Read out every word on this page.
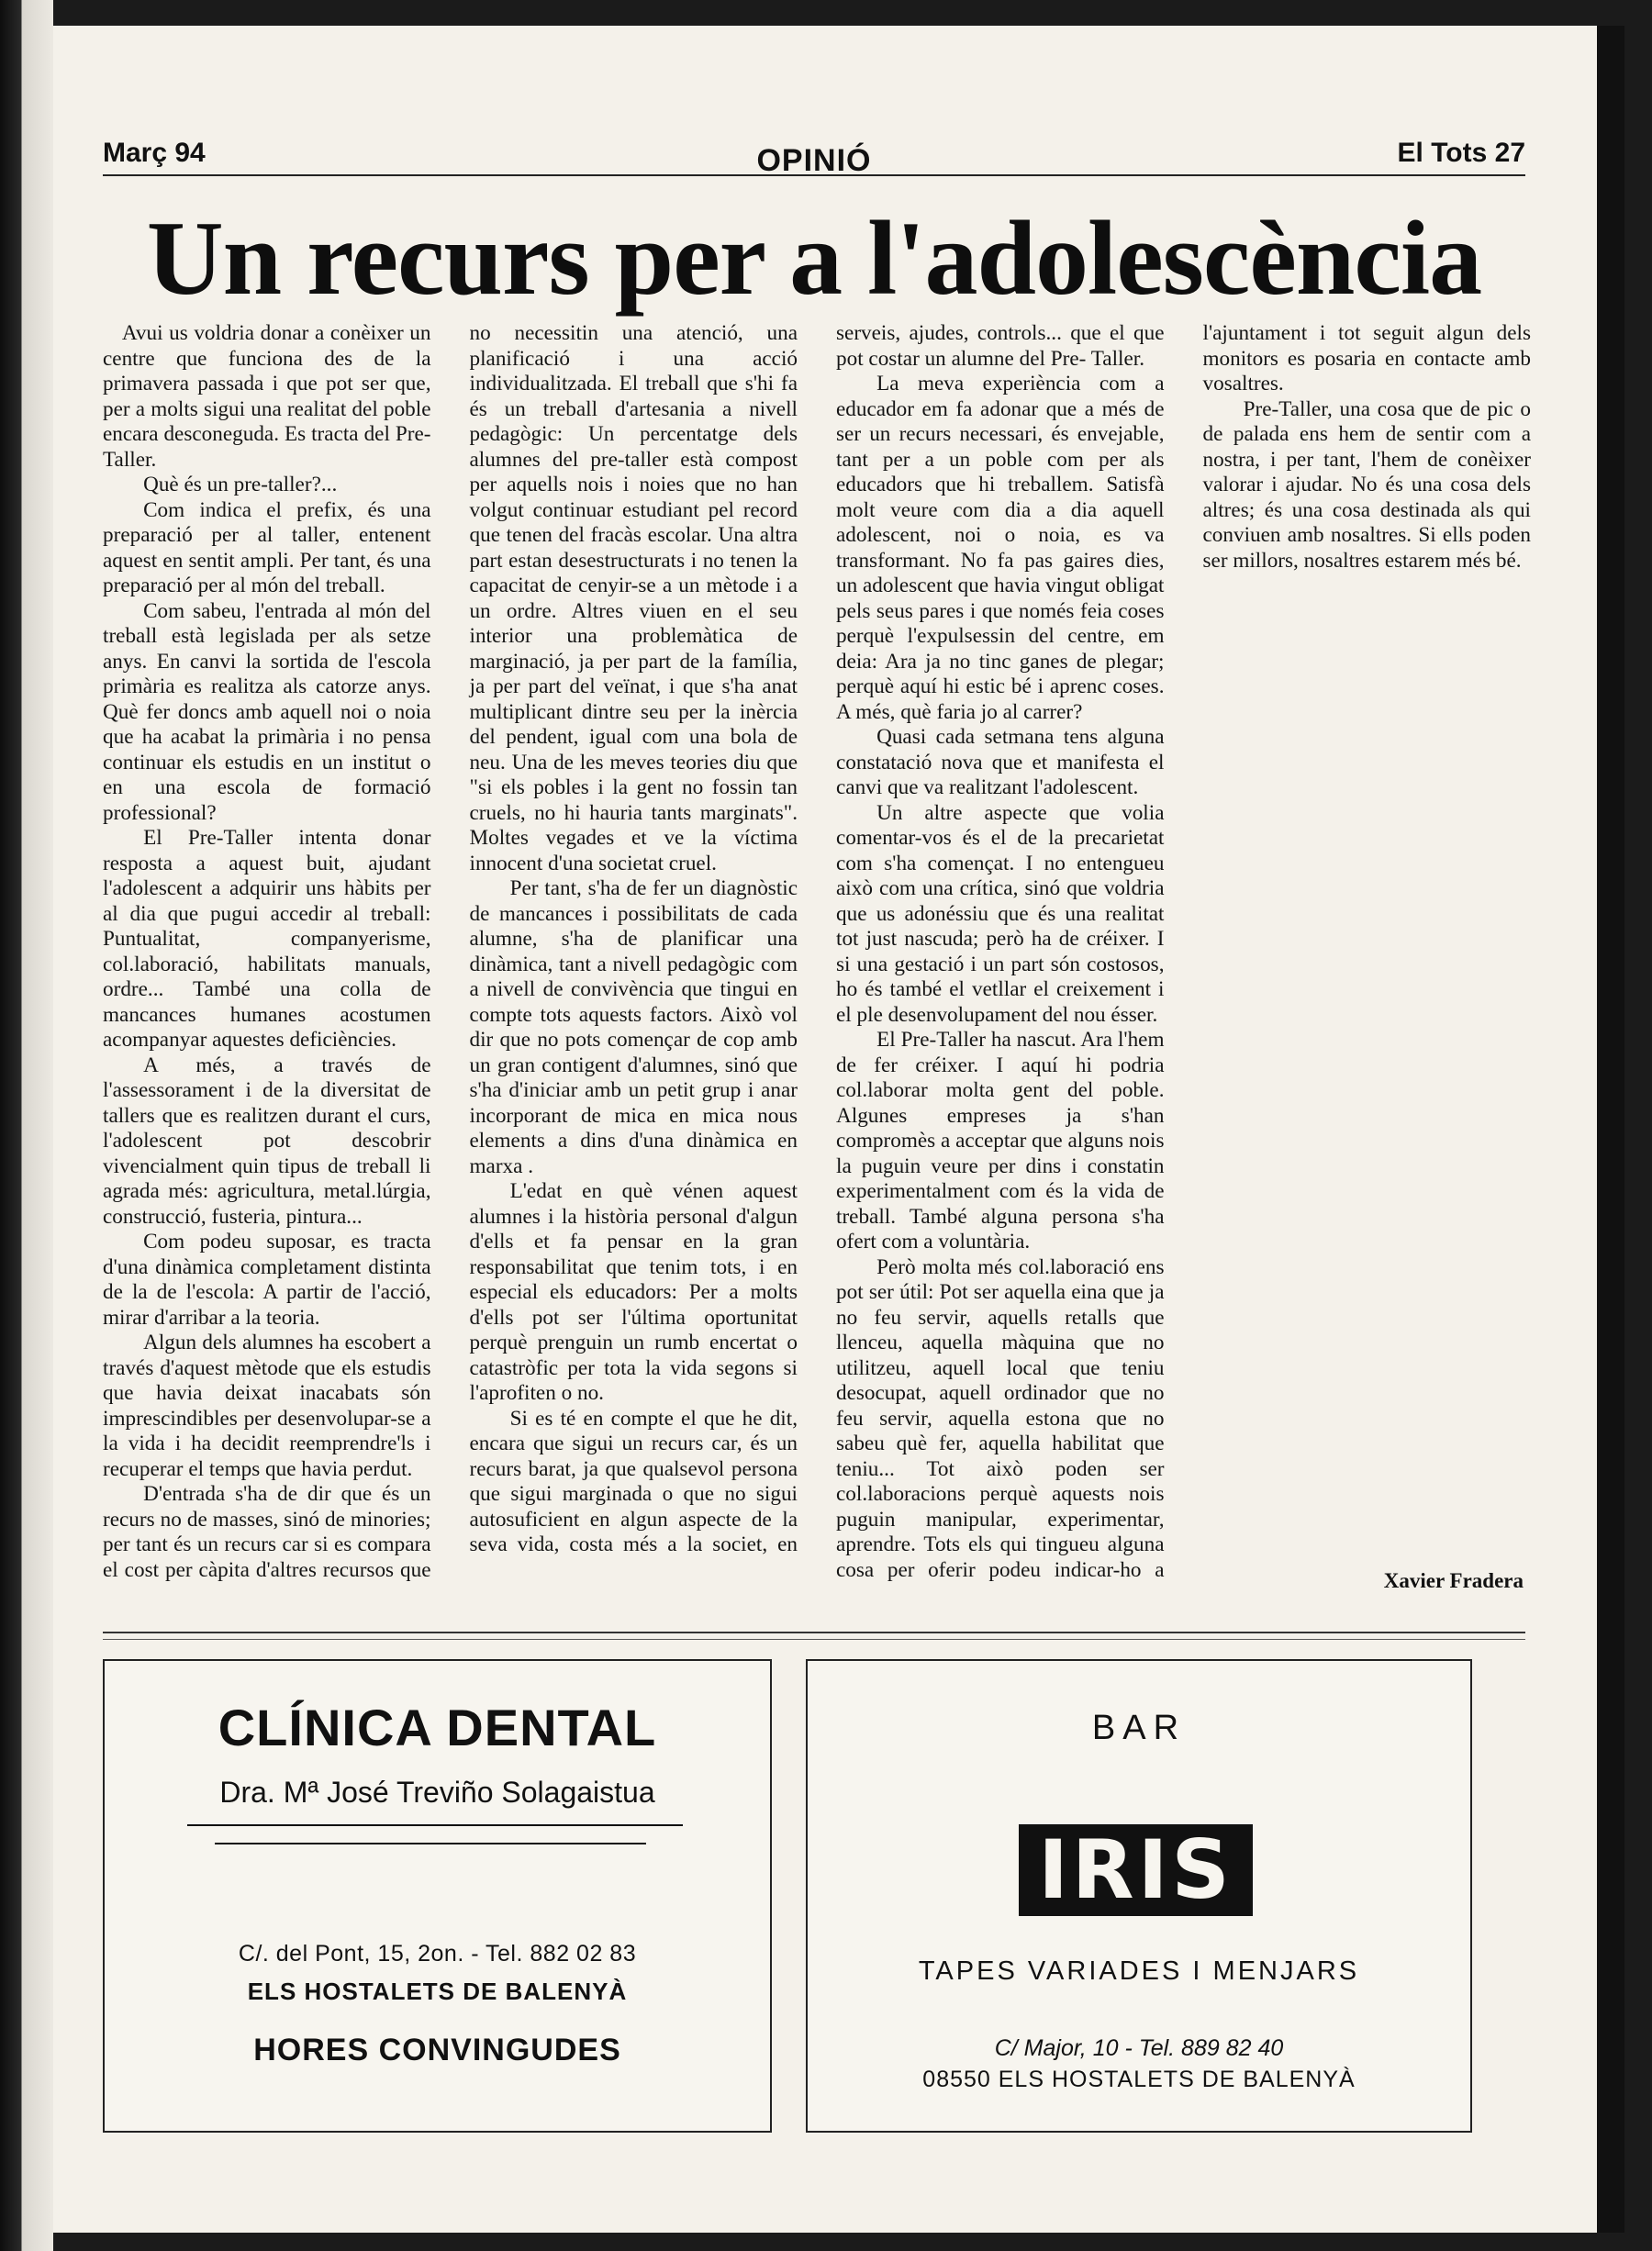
Març 94	OPINIÓ	El Tots 27
Un recurs per a l'adolescència

Avui us voldria donar a conèixer un centre que funciona des de la primavera passada i que pot ser que, per a molts sigui una realitat del poble encara desconeguda. Es tracta del Pre-Taller.

Què és un pre-taller?...

Com indica el prefix, és una preparació per al taller, entenent aquest en sentit ampli. Per tant, és una preparació per al món del treball.

Com sabeu, l'entrada al món del treball està legislada per als setze anys. En canvi la sortida de l'escola primària es realitza als catorze anys. Què fer doncs amb aquell noi o noia que ha acabat la primària i no pensa continuar els estudis en un institut o en una escola de formació professional?

El Pre-Taller intenta donar resposta a aquest buit, ajudant l'adolescent a adquirir uns hàbits per al dia que pugui accedir al treball: Puntualitat, companyerisme, col.laboració, habilitats manuals, ordre... També una colla de mancances humanes acostumen acompanyar aquestes deficiències.

A més, a través de l'assessorament i de la diversitat de tallers que es realitzen durant el curs, l'adolescent pot descobrir vivencialment quin tipus de treball li agrada més: agricultura, metal.lúrgia, construcció, fusteria, pintura...

Com podeu suposar, es tracta d'una dinàmica completament distinta de la de l'escola: A partir de l'acció, mirar d'arribar a la teoria.

Algun dels alumnes ha escobert a través d'aquest mètode que els estudis que havia deixat inacabats són imprescindibles per desenvolupar-se a la vida i ha decidit reemprendre'ls i recuperar el temps que havia perdut.

D'entrada s'ha de dir que és un recurs no de masses, sinó de minories; per tant és un recurs car si es compara el cost per càpita d'altres recursos que no necessitin una atenció, una planificació i una acció individualitzada. El treball que s'hi fa és un treball d'artesania a nivell pedagògic: Un percentatge dels alumnes del pre-taller està compost per aquells nois i noies que no han volgut continuar estudiant pel record que tenen del fracàs escolar. Una altra part estan desestructurats i no tenen la capacitat de cenyir-se a un mètode i a un ordre. Altres viuen en el seu interior una problemàtica de marginació, ja per part de la família, ja per part del veïnat, i que s'ha anat multiplicant dintre seu per la inèrcia del pendent, igual com una bola de neu. Una de les meves teories diu que "si els pobles i la gent no fossin tan cruels, no hi hauria tants marginats". Moltes vegades et ve la víctima innocent d'una societat cruel.

Per tant, s'ha de fer un diagnòstic de mancances i possibilitats de cada alumne, s'ha de planificar una dinàmica, tant a nivell pedagògic com a nivell de convivència que tingui en compte tots aquests factors. Això vol dir que no pots començar de cop amb un gran contigent d'alumnes, sinó que s'ha d'iniciar amb un petit grup i anar incorporant de mica en mica nous elements a dins d'una dinàmica en marxa .

L'edat en què vénen aquest alumnes i la història personal d'algun d'ells et fa pensar en la gran responsabilitat que tenim tots, i en especial els educadors: Per a molts d'ells pot ser l'última oportunitat perquè prenguin un rumb encertat o catastròfic per tota la vida segons si l'aprofiten o no.

Si es té en compte el que he dit, encara que sigui un recurs car, és un recurs barat, ja que qualsevol persona que sigui marginada o que no sigui autosuficient en algun aspecte de la seva vida, costa més a la societ, en serveis, ajudes, controls... que el que pot costar un alumne del Pre- Taller.

La meva experiència com a educador em fa adonar que a més de ser un recurs necessari, és envejable, tant per a un poble com per als educadors que hi treballem. Satisfà molt veure com dia a dia aquell adolescent, noi o noia, es va transformant. No fa pas gaires dies, un adolescent que havia vingut obligat pels seus pares i que només feia coses perquè l'expulsessin del centre, em deia: Ara ja no tinc ganes de plegar; perquè aquí hi estic bé i aprenc coses. A més, què faria jo al carrer?

Quasi cada setmana tens alguna constatació nova que et manifesta el canvi que va realitzant l'adolescent.

Un altre aspecte que volia comentar-vos és el de la precarietat com s'ha començat. I no entengueu això com una crítica, sinó que voldria que us adonéssiu que és una realitat tot just nascuda; però ha de créixer. I si una gestació i un part són costosos, ho és també el vetllar el creixement i el ple desenvolupament del nou ésser.

El Pre-Taller ha nascut. Ara l'hem de fer créixer. I aquí hi podria col.laborar molta gent del poble. Algunes empreses ja s'han compromès a acceptar que alguns nois la puguin veure per dins i constatin experimentalment com és la vida de treball. També alguna persona s'ha ofert com a voluntària.

Però molta més col.laboració ens pot ser útil: Pot ser aquella eina que ja no feu servir, aquells retalls que llenceu, aquella màquina que no utilitzeu, aquell local que teniu desocupat, aquell ordinador que no feu servir, aquella estona que no sabeu què fer, aquella habilitat que teniu... Tot això poden ser col.laboracions perquè aquests nois puguin manipular, experimentar, aprendre. Tots els qui tingueu alguna cosa per oferir podeu indicar-ho a l'ajuntament i tot seguit algun dels monitors es posaria en contacte amb vosaltres.

Pre-Taller, una cosa que de pic o de palada ens hem de sentir com a nostra, i per tant, l'hem de conèixer valorar i ajudar. No és una cosa dels altres; és una cosa destinada als qui conviuen amb nosaltres. Si ells poden ser millors, nosaltres estarem més bé.

Xavier Fradera
CLÍNICA DENTAL
Dra. Mª José Treviño Solagaistua
C/. del Pont, 15, 2on. - Tel. 882 02 83
ELS HOSTALETS DE BALENYÀ
HORES CONVINGUDES
BAR
IRIS
TAPES VARIADES I MENJARS
C/ Major, 10 - Tel. 889 82 40
08550 ELS HOSTALETS DE BALENYÀ
